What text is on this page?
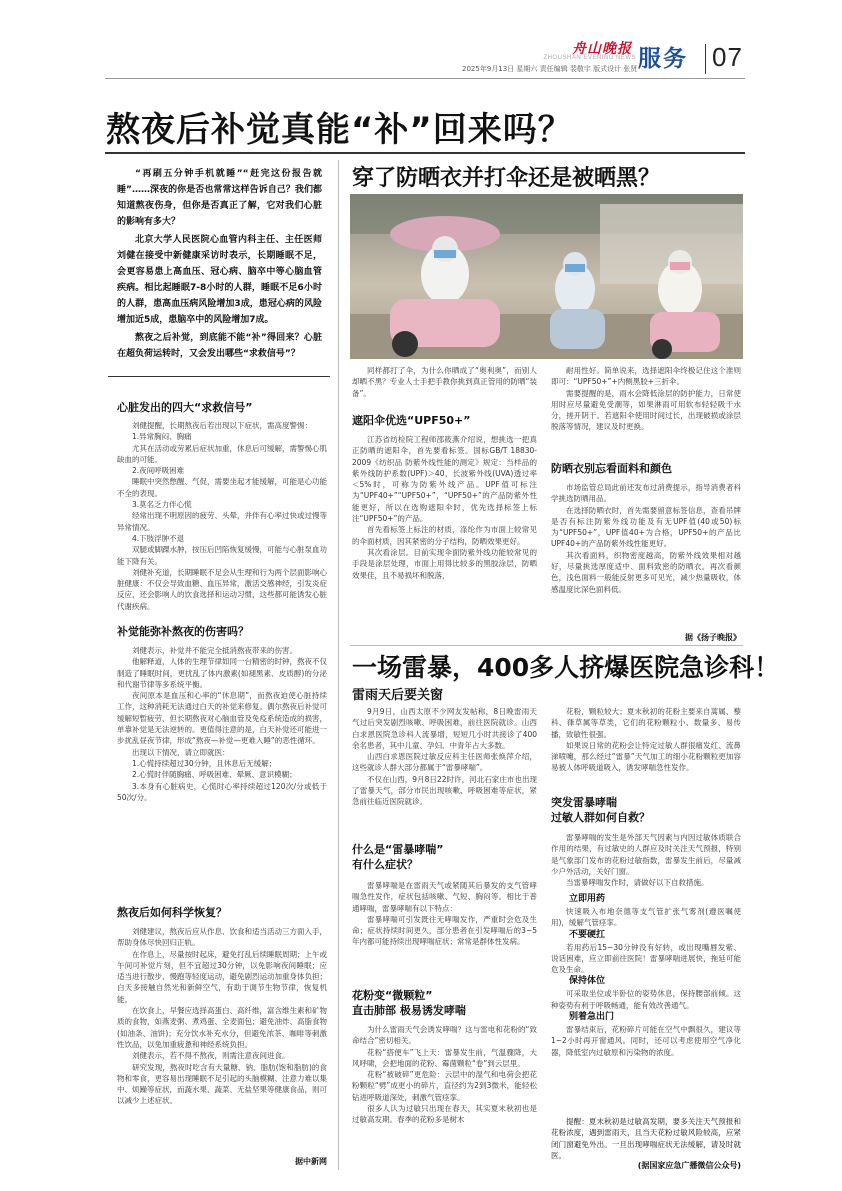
ZHOUSHAN EVENING NEWS
舟山晚报 服务 07
2025年9月13日 星期六 责任编辑 裴敬宇 版式设计 张贤
熬夜后补觉真能“补”回来吗？

“再刷五分钟手机就睡”“赶完这份报告就睡”……深夜的你是否也常常这样告诉自己？我们都知道熬夜伤身，但你是否真正了解，它对我们心脏的影响有多大？

北京大学人民医院心血管内科主任、主任医师刘健在接受中新健康采访时表示，长期睡眠不足，会更容易患上高血压、冠心病、脑卒中等心脑血管疾病。相比起睡眠7-8小时的人群，睡眠不足6小时的人群，患高血压病风险增加3成，患冠心病的风险增加近5成，患脑卒中的风险增加7成。

熬夜之后补觉，到底能不能“补”得回来？心脏在超负荷运转时，又会发出哪些“求救信号”？

心脏发出的四大“求救信号”

刘健提醒，长期熬夜后若出现以下症状，需高度警惕：

1.异常胸闷、胸痛

尤其在活动或劳累后症状加重，休息后可缓解，需警惕心肌缺血的可能。

2.夜间呼吸困难

睡眠中突然憋醒、气促，需要坐起才能缓解，可能是心功能不全的表现。

3.莫名乏力伴心慌

经常出现不明原因的疲劳、头晕，并伴有心率过快或过慢等异常情况。

4.下肢浮肿不退

双腿或脚踝水肿，按压后凹陷恢复缓慢，可能与心脏泵血功能下降有关。

刘健补充道，长期睡眠不足会从生理和行为两个层面影响心脏健康：不仅会导致血糖、血压异常，激活交感神经，引发炎症反应，还会影响人的饮食选择和运动习惯，这些都可能诱发心脏代谢疾病。

补觉能弥补熬夜的伤害吗？

刘健表示，补觉并不能完全抵消熬夜带来的伤害。

他解释道，人体的生理节律如同一台精密的时钟，熬夜不仅制造了睡眠时间，更扰乱了体内激素(如褪黑素、皮质醇)的分泌和代谢节律等多系统平衡。

夜间原本是血压和心率的“休息期”，而熬夜迫使心脏持续工作，这种消耗无法通过白天的补觉来修复。偶尔熬夜后补觉可缓解短暂疲劳，但长期熬夜对心脑血管及免疫系统造成的损害，单靠补觉是无法逆转的。更值得注意的是，白天补觉还可能进一步扰乱昼夜节律，形成“熬夜—补觉—更难入睡”的恶性循环。

出现以下情况，请立即就医：

1.心慌持续超过30分钟，且休息后无缓解；

2.心慌时伴随胸痛、呼吸困难、晕厥、意识模糊；

3.本身有心脏病史，心慌时心率持续超过120次/分或低于50次/分。

熬夜后如何科学恢复？

刘健建议，熬夜后应从作息、饮食和适当活动三方面入手，帮助身体尽快回归正轨。

在作息上，尽量按时起床，避免打乱后续睡眠周期；上午或午间可补觉片刻，但不宜超过30分钟，以免影响夜间睡眠；应适当进行散步、慢跑等轻度运动，避免剧烈运动加重身体负担；白天多接触自然光和新鲜空气，有助于调节生物节律，恢复机能。

在饮食上，早餐应选择高蛋白、高纤维，富含维生素和矿物质的食物，如燕麦粥、煮鸡蛋、全麦面包；避免油炸、高脂食物(如油条、油饼)；充分饮水补充水分，但避免浓茶、咖啡等刺激性饮品，以免加重疲惫和神经系统负担。

刘健表示，若不得不熬夜，则需注意夜间进食。

研究发现，熬夜时吃含有大量糖、钠、脂肪(饱和脂肪)的食物和零食，更容易出现睡眠不足引起的头脑模糊、注意力难以集中、烦躁等症状，而蔬水果、蔬菜、无盐坚果等健康食品，则可以减少上述症状。

据中新网
穿了防晒衣并打伞还是被晒黑？

同样都打了伞，为什么你晒成了“奥利奥”，而别人却晒不黑？专业人士手把手教你挑到真正管用的防晒“装备”。

遮阳伞优选“UPF50+”

江苏省纺检院工程师邵筱燕介绍说，想挑选一把真正防晒的遮阳伞，首先要看标签。国标GB/T 18830-2009《纺织品 防紫外线性能的测定》规定：当样品的紫外线防护系数(UPF)＞40，长波紫外线(UVA)透过率＜5%时，可称为防紫外线产品。UPF值可标注为“UPF40+”“UPF50+”，“UPF50+”的产品防紫外性能更好，所以在选购遮阳伞时，优先选择标签上标注“UPF50+”的产品。

首先看标签上标注的材质，涤纶作为市面上较常见的伞面材质，因其紧密的分子结构，防晒效果更好。

其次看涂层。目前实现伞面防紫外线功能较常见的手段是涂层处理，市面上用得比较多的黑胶涂层，防晒效果佳，且不易损坏和脱落，

耐用性好。简单说来，选择遮阳伞终极记住这个准则即可：“UPF50+”+内侧黑胶+三折伞。

需要提醒的是，雨水会降低涂层的防护能力，日常使用时应尽量避免受潮等，如果淋雨可用软布轻轻吸干水分，搓开阴干。若遮阳伞使用时间过长，出现破损或涂层脱落等情况，建议及时更换。

防晒衣别忘看面料和颜色

市场监管总局此前还发布过消费提示，指导消费者科学挑选防晒用品。

在选择防晒衣时，首先需要留意标签信息，查看吊牌是否有标注防紫外线功能及有无UPF值(40或50)标为“UPF50+”，UPF值40+为合格，UPF50+的产品比UPF40+的产品防紫外线性能更好。

其次看面料，织物密度越高，防紫外线效果相对越好，尽量挑选厚度适中、面料致密的防晒衣。再次看颜色，浅色面料一般能反射更多可见光，减少热量吸收，体感温度比深色面料低。

据《扬子晚报》
一场雷暴，400多人挤爆医院急诊科！
雷雨天后要关窗

9月9日，山西太原不少网友发帖称，8日晚雷雨天气过后突发剧烈咳嗽、呼吸困难，前往医院就诊。山西白求恩医院急诊科人流暴增，短短几小时共接诊了400余名患者，其中儿童、孕妇、中青年占大多数。

山西白求恩医院过敏反应科主任医师张焕萍介绍，这些就诊人群大部分都属于“雷暴哮喘”。

不仅在山西，9月8日22时许，河北石家庄市也出现了雷暴天气，部分市民出现咳嗽、呼吸困难等症状，紧急前往临近医院就诊。

什么是“雷暴哮喘”
有什么症状？

雷暴哮喘是在雷雨天气或紧随其后暴发的支气管哮喘急性发作，症状包括咳嗽、气短、胸闷等。相比于普通哮喘，雷暴哮喘有以下特点：

雷暴哮喘可引发既往无哮喘发作，严重时会危及生命；症状持续时间更久，部分患者在引发哮喘后的3~5年内都可能持续出现哮喘症状；常常是群体性发病。

花粉变“微颗粒”
直击肺部 极易诱发哮喘

为什么雷雨天气会诱发哮喘？这与雷电和花粉的“致命结合”密切相关。

花粉“搭便车”飞上天：雷暴发生前，气温骤降，大风呼啸，会把地面的花粉、霉菌颗粒“卷”到云层里。

花粉“被破碎”更危险：云层中的湿气和电荷会把花粉颗粒“劈”成更小的碎片，直径约为2到3微米，能轻松钻进呼吸道深处，刺激气管痉挛。

很多人认为过敏只出现在春天，其实夏末秋初也是过敏高发期。春季的花粉多是树木

花粉，颗粒较大；夏末秋初的花粉主要来自蒿属、藜科、葎草属等草类，它们的花粉颗粒小、数量多、易传播，致敏性很强。

如果说日常的花粉会让特定过敏人群很痛发红、流鼻涕喷嚏，那么经过“雷暴”天气加工的细小花粉颗粒更加容易被人体呼吸道吸入，诱发哮喘急性发作。

突发雷暴哮喘
过敏人群如何自救？

雷暴哮喘的发生是外部天气因素与内因过敏体质联合作用的结果，有过敏史的人群应及时关注天气预报，特别是气象部门发布的花粉过敏指数，雷暴发生前后，尽量减少户外活动，关好门窗。

当雷暴哮喘发作时，请做好以下自救措施。

立即用药

快速吸入布地奈德等支气管扩张气雾剂(遵医嘱使用)，缓解气管痉挛。

不要硬扛

若用药后15~30分钟没有好转，或出现嘴唇发紫、说话困难，应立即前往医院！雷暴哮喘进展快，拖延可能危及生命。

保持体位

可采取坐位或半卧位的姿势休息，保持腰部前倾。这种姿势有利于呼吸畅通，能有效改善通气。

别着急出门

雷暴结束后，花粉碎片可能在空气中飘很久，建议等1~2小时再开窗通风。同时，还可以考虑使用空气净化器，降低室内过敏原和污染物的浓度。

提醒：夏末秋初是过敏高发期，要多关注天气预报和花粉浓度，遇到雷雨天，且当天花粉过敏风险较高，应紧闭门窗避免外出。一旦出现哮喘症状无法缓解，请及时就医。

(据国家应急广播微信公众号)
